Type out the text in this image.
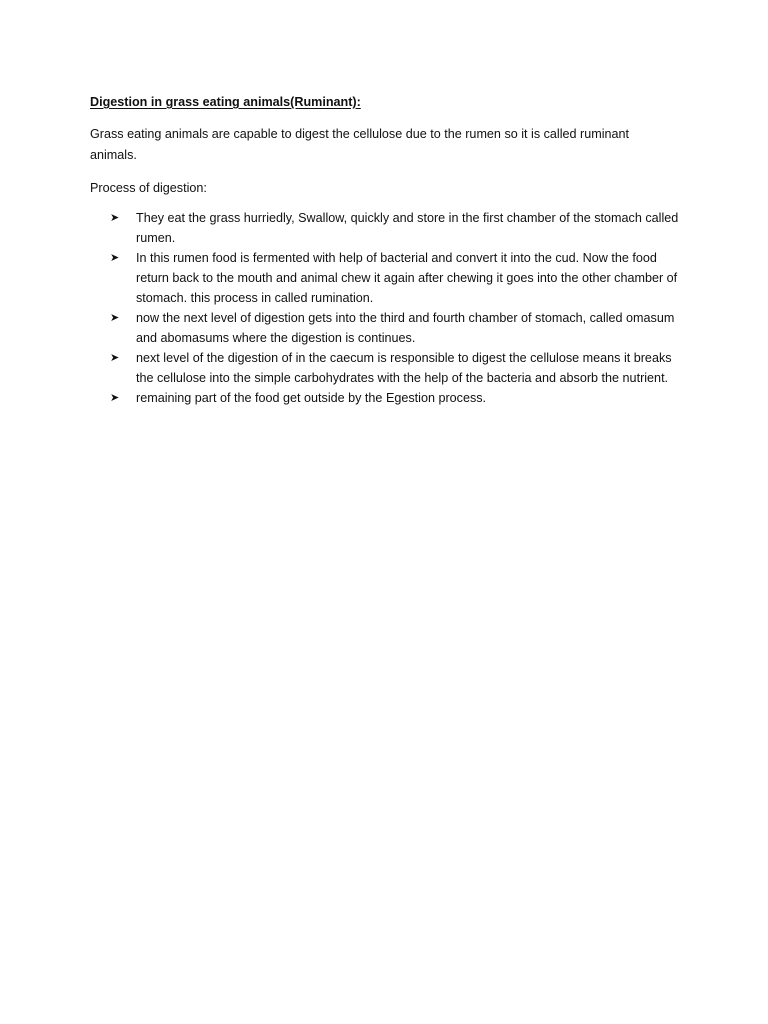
Digestion in grass eating animals(Ruminant):

Grass eating animals are capable to digest the cellulose due to the rumen so it is called ruminant animals.

Process of digestion:

➤	They eat the grass hurriedly, Swallow, quickly and store in the first chamber of the stomach called rumen.
➤	In this rumen food is fermented with help of bacterial and convert it into the cud. Now the food return back to the mouth and animal chew it again after chewing it goes into the other chamber of stomach. this process in called rumination.
➤	now the next level of digestion gets into the third and fourth chamber of stomach, called omasum and abomasums where the digestion is continues.
➤	next level of the digestion of in the caecum is responsible to digest the cellulose means it breaks the cellulose into the simple carbohydrates with the help of the bacteria and absorb the nutrient.
➤	remaining part of the food get outside by the Egestion process.
